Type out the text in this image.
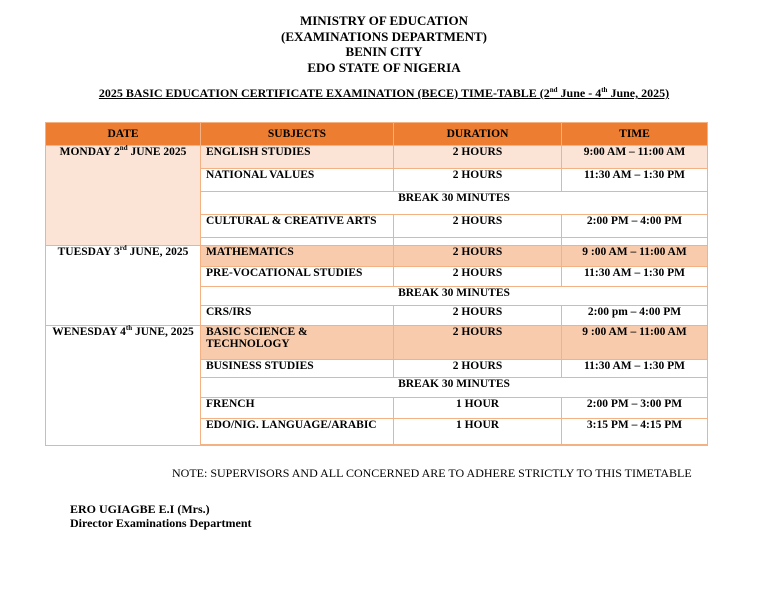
MINISTRY OF EDUCATION
(EXAMINATIONS DEPARTMENT)
BENIN CITY
EDO STATE OF NIGERIA
2025 BASIC EDUCATION CERTIFICATE EXAMINATION (BECE) TIME-TABLE (2nd June - 4th June, 2025)
DATE	SUBJECTS	DURATION	TIME
MONDAY 2nd JUNE 2025	ENGLISH STUDIES	2 HOURS	9:00 AM – 11:00 AM
	NATIONAL VALUES	2 HOURS	11:30 AM – 1:30 PM
	BREAK 30 MINUTES		
	CULTURAL & CREATIVE ARTS	2 HOURS	2:00 PM – 4:00 PM

TUESDAY 3rd JUNE, 2025	MATHEMATICS	2 HOURS	9 :00 AM – 11:00 AM
	PRE-VOCATIONAL STUDIES	2 HOURS	11:30 AM – 1:30 PM
	BREAK 30 MINUTES		
	CRS/IRS	2 HOURS	2:00 pm – 4:00 PM
WENESDAY 4th JUNE, 2025	BASIC SCIENCE & TECHNOLOGY	2 HOURS	9 :00 AM – 11:00 AM
	BUSINESS STUDIES	2 HOURS	11:30 AM – 1:30 PM
	BREAK 30 MINUTES		
	FRENCH	1 HOUR	2:00 PM – 3:00 PM
	EDO/NIG. LANGUAGE/ARABIC	1 HOUR	3:15 PM – 4:15 PM

NOTE: SUPERVISORS AND ALL CONCERNED ARE TO ADHERE STRICTLY TO THIS TIMETABLE
ERO UGIAGBE E.I (Mrs.)
Director Examinations Department
